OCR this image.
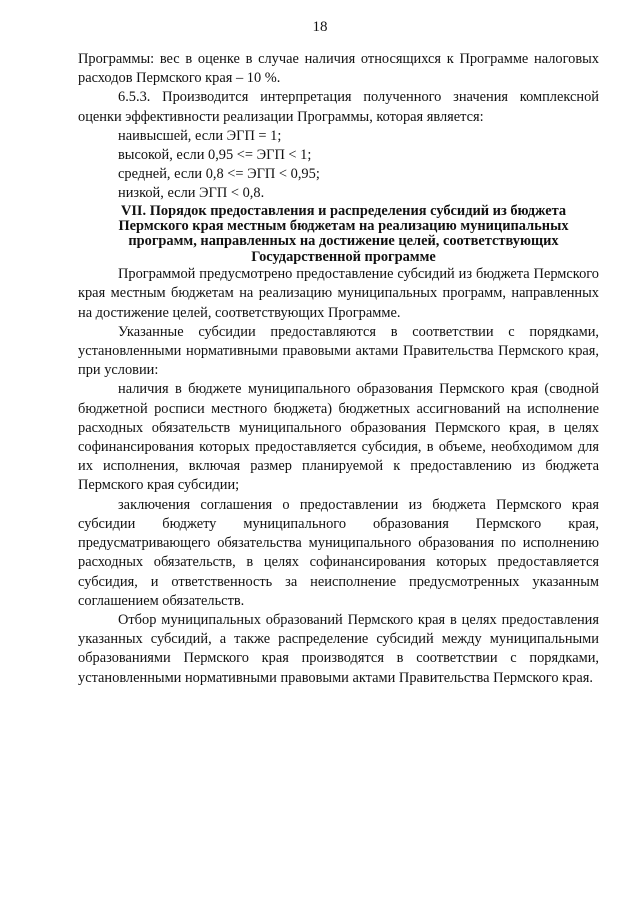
18

Программы: вес в оценке в случае наличия относящихся к Программе налоговых расходов Пермского края – 10 %.

6.5.3. Производится интерпретация полученного значения комплексной оценки эффективности реализации Программы, которая является:

наивысшей, если ЭГП = 1;

высокой, если 0,95 <= ЭГП < 1;

средней, если 0,8 <= ЭГП < 0,95;

низкой, если ЭГП < 0,8.

VII. Порядок предоставления и распределения субсидий из бюджета Пермского края местным бюджетам на реализацию муниципальных программ, направленных на достижение целей, соответствующих Государственной программе

Программой предусмотрено предоставление субсидий из бюджета Пермского края местным бюджетам на реализацию муниципальных программ, направленных на достижение целей, соответствующих Программе.

Указанные субсидии предоставляются в соответствии с порядками, установленными нормативными правовыми актами Правительства Пермского края, при условии:

наличия в бюджете муниципального образования Пермского края (сводной бюджетной росписи местного бюджета) бюджетных ассигнований на исполнение расходных обязательств муниципального образования Пермского края, в целях софинансирования которых предоставляется субсидия, в объеме, необходимом для их исполнения, включая размер планируемой к предоставлению из бюджета Пермского края субсидии;

заключения соглашения о предоставлении из бюджета Пермского края субсидии бюджету муниципального образования Пермского края, предусматривающего обязательства муниципального образования по исполнению расходных обязательств, в целях софинансирования которых предоставляется субсидия, и ответственность за неисполнение предусмотренных указанным соглашением обязательств.

Отбор муниципальных образований Пермского края в целях предоставления указанных субсидий, а также распределение субсидий между муниципальными образованиями Пермского края производятся в соответствии с порядками, установленными нормативными правовыми актами Правительства Пермского края.
